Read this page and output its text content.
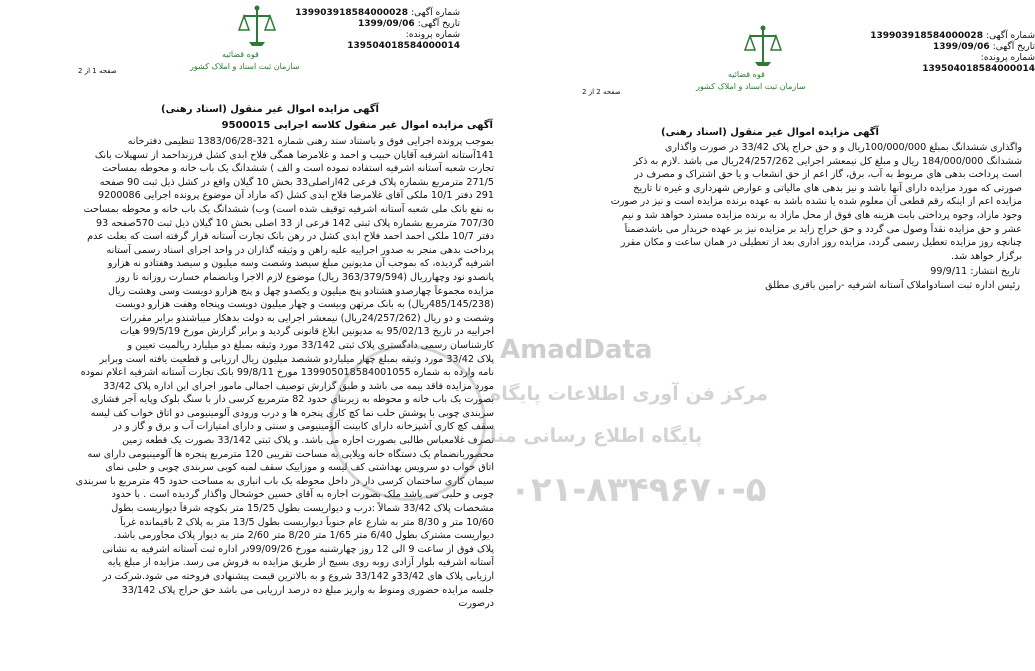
شماره آگهی: 139903918584000028
تاریخ آگهی: 1399/09/06
شماره پرونده:
139504018584000014
قوه قضائیه
سازمان ثبت اسناد و املاک کشور
صفحه 1 از 2
آگهی مزایده اموال غیر منقول (اسناد رهنی)
آگهی مزایده اموال غیر منقول کلاسه اجرایی 9500015
بموجب پرونده اجرایی فوق و باستناد سند رهنی شماره 321-1383/06/28 تنظیمی دفترخانه
141آستانه اشرفیه آقایان حبیب و احمد و غلامرضا همگی فلاح ابدی کشل فرزندا‌حمد از تسهیلات بانک
تجارت شعبه آستانه اشرفیه استفاده نموده است و الف ) ششدانگ یک باب خانه و محوطه بمساحت
271/5 مترمربع بشماره پلاک فرعی 42ازاصلی33 بخش 10 گیلان واقع در کشل ذیل ثبت 90 صفحه
291 دفتر 10/1 ملکی آقای غلامرضا فلاح ابدی کشل (که مازاد آن موضوع پرونده اجرایی 9200086
به نفع بانک ملی شعبه آستانه اشرفیه توقیف شده است) وب) ششدانگ یک باب خانه و محوطه بمساحت
707/30 مترمربع بشماره پلاک ثبتی 142 فرعی از 33 اصلی بخش 10 گیلان ذیل ثبت 570صفحه 93
دفتر 10/7 ملکی احمد احمد فلاح ابدی کشل در رهن بانک تجارت آستانه قرار گرفته است که بعلت عدم
پرداخت بدهی منجر به صدور اجراییه علیه راهن و وثیقه گذاران در واحد اجرای اسناد رسمی آستانه
اشرفیه گردیده، که بموجب آن مدیونین مبلغ سیصد وشصت وسه میلیون و سیصد وهفتادو نه هزارو
پانصدو نود وچهارریال (363/379/594 ریال) موضوع لازم الاجرا وبانضمام خسارت روزانه تا روز
مزایده مجموعاً چهارصدو هشتادو پنج میلیون و یکصدو چهل و پنج هزارو دویست وسی وهشت ریال
(485/145/238ریال) به بانک مرتهن وبیست و چهار میلیون دویست وپنجاه وهفت هزارو دویست
وشصت و دو ریال (24/257/262ریال) نیمعشر اجرایی به دولت بدهکار میباشندو برابر مقررات
اجراییه در تاریخ 95/02/13 به مدیونین ابلاغ قانونی گردید و برابر گزارش مورخ 99/5/19 هیات
کارشناسان رسمی دادگستری پلاک ثبتی 33/142 مورد وثیقه بمبلغ دو میلیارد ریالمیت تعیین و
پلاک 33/42 مورد وثیقه بمبلغ چهار میلیاردو ششصد میلیون ریال ارزیابی و قطعیت یافته است وبرابر
نامه وارده به شماره 139905018584001055 مورخ 99/8/11 بانک تجارت آستانه اشرفیه اعلام نموده
مورد مزایده فاقد بیمه می باشد و طبق گزارش توصیف اجمالی مامور اجرای این اداره پلاک 33/42
بصورت یک باب خانه و محوطه به زیربنای حدود 82 مترمربع کرسی دار با سنگ بلوک وپایه آجر فشاری
سربندی چوبی با پوشش حلب نما کچ کاری پنجره ها و درب ورودی آلومینیومی دو اتاق خواب کف لیسه
سقف کچ کاری آشپزخانه دارای کابینت آلومینیومی و سنتی و دارای امتیازات آب و برق و گاز و در
تصرف غلامعباس طالبی بصورت اجاره می باشد. و پلاک ثبتی 33/142 بصورت یک قطعه زمین
محصوربانضمام یک دستگاه خانه ویلایی به مساحت تقریبی 120 مترمربع پنجره ها آلومینیومی دارای سه
اتاق خواب دو سرویس بهداشتی کف لیسه و موزاییک سقف لمبه کوبی سربندی چوبی و حلبی نمای
سیمان کاری ساختمان کرسی دار در داخل محوطه یک باب انباری به مساحت حدود 45 مترمربع با سربندی
چوبی و حلبی می باشد ملک بصورت اجاره به آقای حسین خوشحال واگذار گردیده است . با حدود
مشخصات پلاک 33/42 شمالاً :درب و دیواریست بطول 15/25 متر بکوچه شرقاً دیواریست بطول
10/60 متر و 8/30 متر به شارع عام جنوباً دیواریست بطول 13/5 متر به پلاک 2 باقیمانده غرباً
دیواریست مشترک بطول 6/40 متر 1/65 متر 8/20 متر 2/60 متر به دیوار پلاک مجاورمی باشد.
پلاک فوق از ساعت 9 الی 12 روز چهارشنبه مورخ 99/09/26در اداره ثبت آستانه اشرفیه به نشانی
آستانه اشرفیه بلوار آزادی روبه روی بسیج از طریق مزایده به فروش می رسد. مزایده از مبلغ پایه
ارزیابی پلاک های 33/42و 33/142 شروع و به بالاترین قیمت پیشنهادی فروخته می شود.شرکت در
جلسه مزایده حضوری ومنوط به واریز مبلغ ده درصد ارزیابی می باشد حق حراج پلاک 33/142
درصورت
شماره آگهی: 139903918584000028
تاریخ آگهی: 1399/09/06
شماره پرونده:
139504018584000014
قوه قضائیه
سازمان ثبت اسناد و املاک کشور
صفحه 2 از 2
آگهی مزایده اموال غیر منقول (اسناد رهنی)
واگذاری ششدانگ بمبلغ 100/000/000ریال و و حق حراج پلاک 33/42 در صورت واگذاری
ششدانگ 184/000/000 ریال و مبلغ کل نیمعشر اجرایی 24/257/262ریال می باشد .لازم به ذکر
است پرداخت بدهی های مربوط به آب، برق، گاز اعم از حق انشعاب و یا حق اشتراک و مصرف در
صورتی که مورد مزایده دارای آنها باشد و نیز بدهی های مالیاتی و عوارض شهرداری و غیره تا تاریخ
مزایده اعم از اینکه رقم قطعی آن معلوم شده یا نشده باشد به عهده برنده مزایده است و نیز در صورت
وجود مازاد، وجوه پرداختی بابت هزینه های فوق از محل مازاد به برنده مزایده مسترد خواهد شد و نیم
عشر و حق مزایده نقداً وصول می گردد و حق حراج زاید بر مزایده نیز بر عهده خریدار می باشدضمناً
چنانچه روز مزایده تعطیل رسمی گردد، مزایده روز اداری بعد از تعطیلی در همان ساعت و مکان مقرر
برگزار خواهد شد.
تاریخ انتشار: 99/9/11
رئیس اداره ثبت اسنادواملاک آستانه اشرفیه -رامین باقری مطلق
AmadData
مرکز فن آوری اطلاعات پایگاه
پایگاه اطلاع رسانی منا
۰۲۱-۸۳۴۹۶۷۰-۵
